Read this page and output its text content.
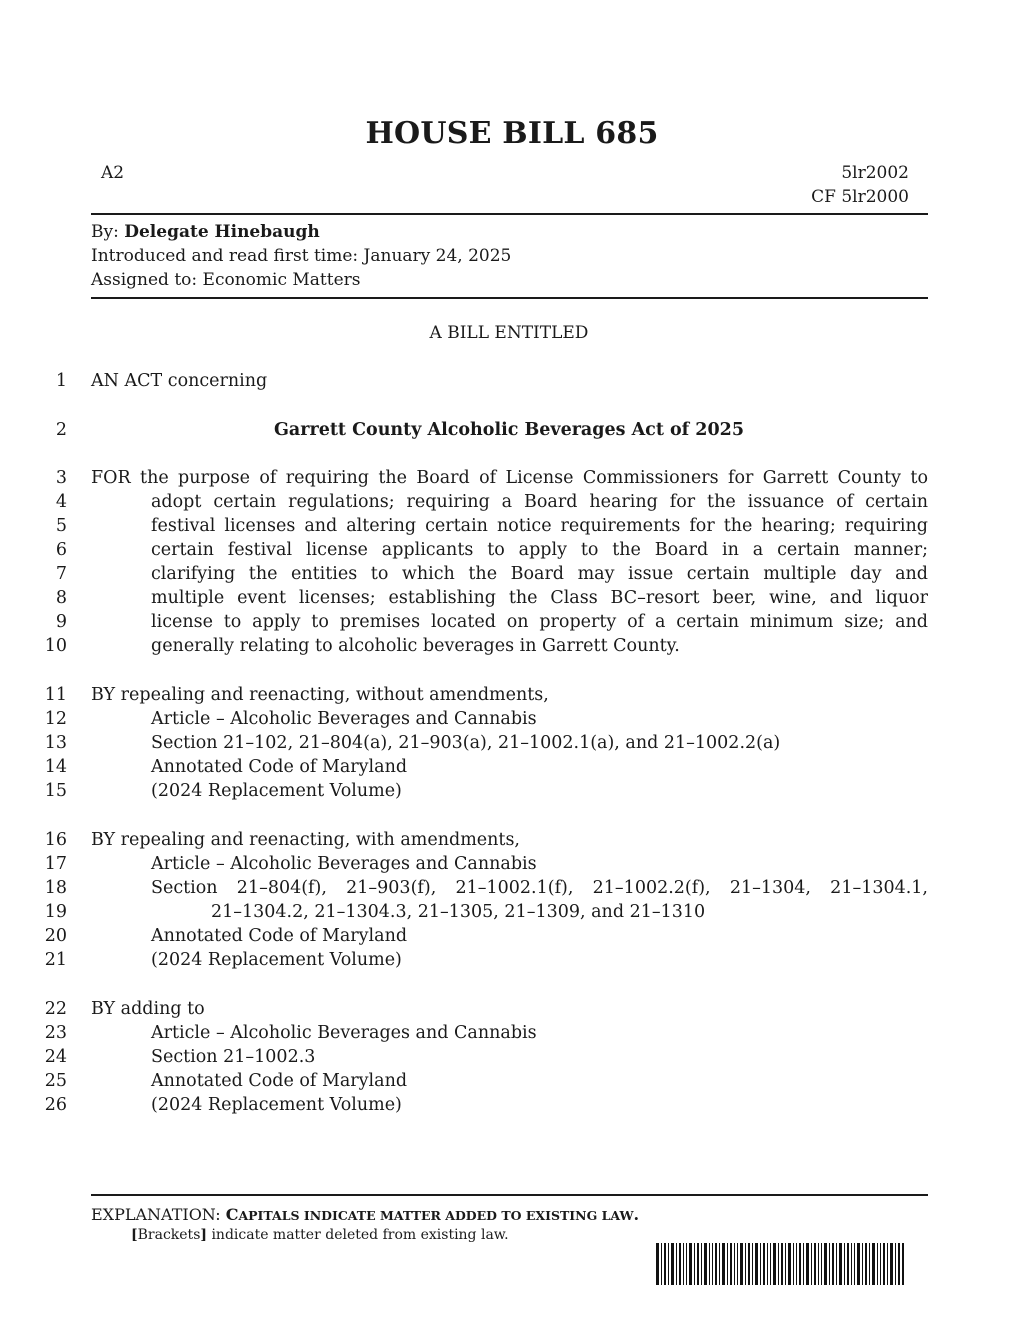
HOUSE BILL 685
A2	5lr2002
CF 5lr2000
By: Delegate Hinebaugh
Introduced and read first time: January 24, 2025
Assigned to: Economic Matters
A BILL ENTITLED
1
2
3
4
5
6
7
8
9
10
11
12
13
14
15
16
17
18
19
20
21
22
23
24
25
26
AN ACT concerning
Garrett County Alcoholic Beverages Act of 2025
FOR the purpose of requiring the Board of License Commissioners for Garrett County to
adopt certain regulations; requiring a Board hearing for the issuance of certain
festival licenses and altering certain notice requirements for the hearing; requiring
certain festival license applicants to apply to the Board in a certain manner;
clarifying the entities to which the Board may issue certain multiple day and
multiple event licenses; establishing the Class BC–resort beer, wine, and liquor
license to apply to premises located on property of a certain minimum size; and
generally relating to alcoholic beverages in Garrett County.
BY repealing and reenacting, without amendments,
Article – Alcoholic Beverages and Cannabis
Section 21–102, 21–804(a), 21–903(a), 21–1002.1(a), and 21–1002.2(a)
Annotated Code of Maryland
(2024 Replacement Volume)
BY repealing and reenacting, with amendments,
Article – Alcoholic Beverages and Cannabis
Section 21–804(f), 21–903(f), 21–1002.1(f), 21–1002.2(f), 21–1304, 21–1304.1,
21–1304.2, 21–1304.3, 21–1305, 21–1309, and 21–1310
Annotated Code of Maryland
(2024 Replacement Volume)
BY adding to
Article – Alcoholic Beverages and Cannabis
Section 21–1002.3
Annotated Code of Maryland
(2024 Replacement Volume)
EXPLANATION: CAPITALS INDICATE MATTER ADDED TO EXISTING LAW.
[Brackets] indicate matter deleted from existing law.
